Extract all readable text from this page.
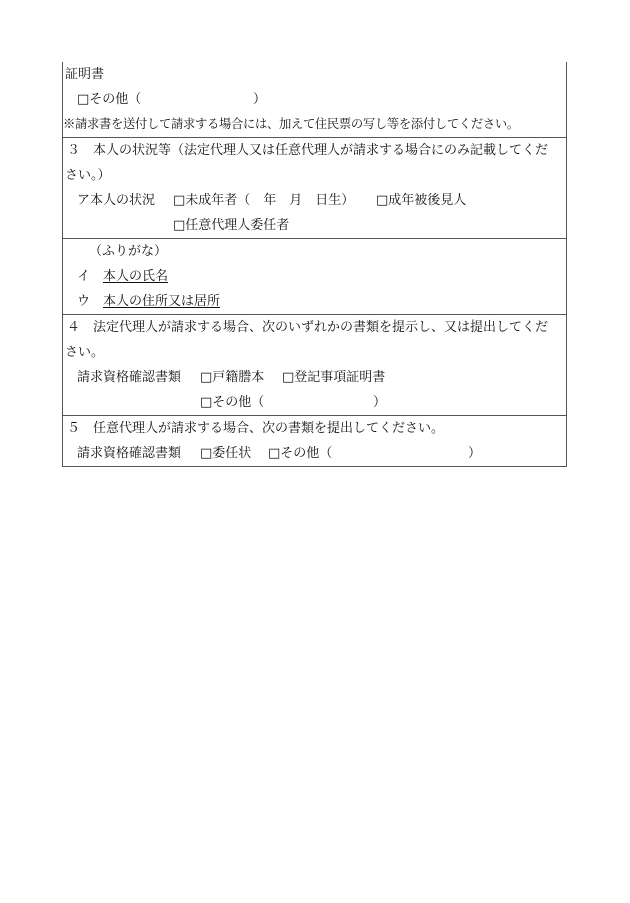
証明書
□その他（	）
※請求書を送付して請求する場合には、加えて住民票の写し等を添付してください。
３　本人の状況等（法定代理人又は任意代理人が請求する場合にのみ記載してくだ
さい。）
ア本人の状況 □未成年者（　年　月　日生） □成年被後見人
□任意代理人委任者
（ふりがな）
イ 本人の氏名
ウ 本人の住所又は居所
４　法定代理人が請求する場合、次のいずれかの書類を提示し、又は提出してくだ
さい。
請求資格確認書類 □戸籍謄本 □登記事項証明書
□その他（	）
５　任意代理人が請求する場合、次の書類を提出してください。
請求資格確認書類 □委任状 □その他（	）
